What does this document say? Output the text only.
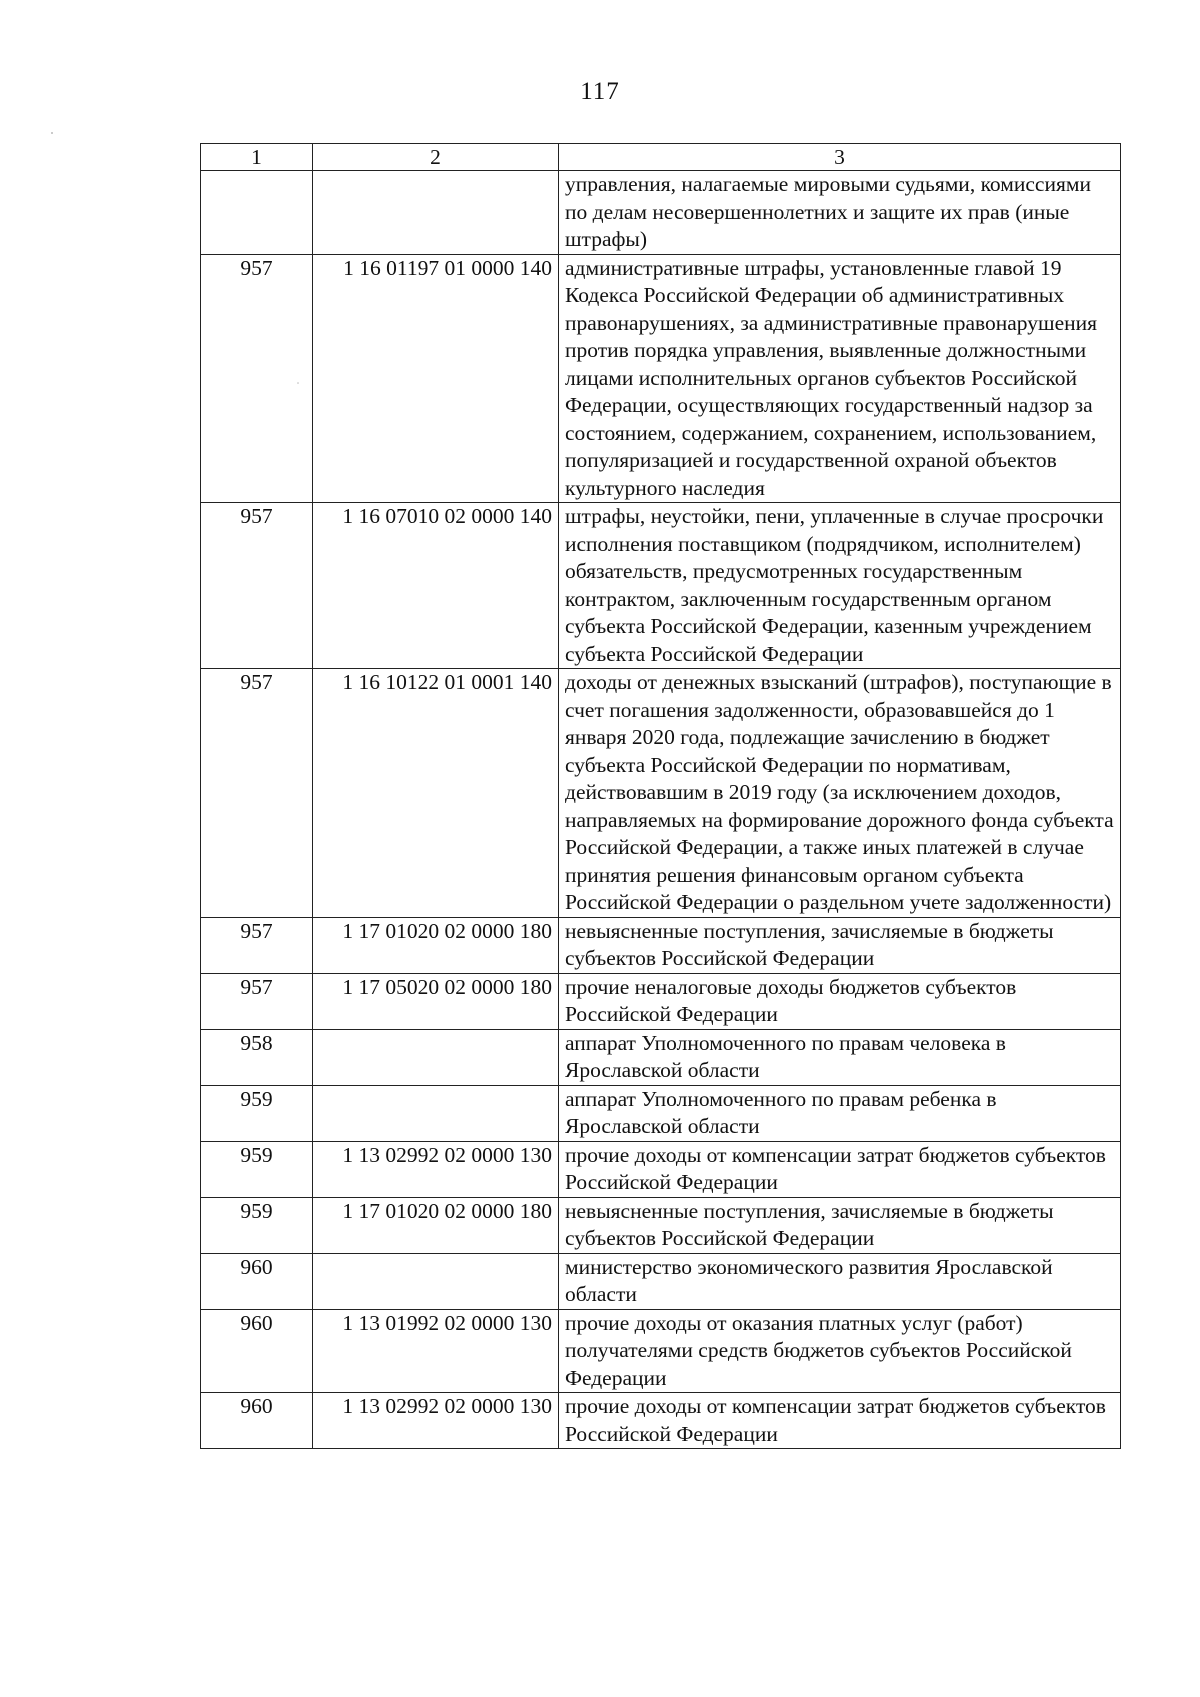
117
1	2	3
		управления, налагаемые мировыми судьями, комиссиями по делам несовершеннолетних и защите их прав (иные штрафы)
957	1 16 01197 01 0000 140	административные штрафы, установленные главой 19 Кодекса Российской Федерации об административных правонарушениях, за административные правонарушения против порядка управления, выявленные должностными лицами исполнительных органов субъектов Российской Федерации, осуществляющих государственный надзор за состоянием, содержанием, сохранением, использованием, популяризацией и государственной охраной объектов культурного наследия
957	1 16 07010 02 0000 140	штрафы, неустойки, пени, уплаченные в случае просрочки исполнения поставщиком (подрядчиком, исполнителем) обязательств, предусмотренных государственным контрактом, заключенным государственным органом субъекта Российской Федерации, казенным учреждением субъекта Российской Федерации
957	1 16 10122 01 0001 140	доходы от денежных взысканий (штрафов), поступающие в счет погашения задолженности, образовавшейся до 1 января 2020 года, подлежащие зачислению в бюджет субъекта Российской Федерации по нормативам, действовавшим в 2019 году (за исключением доходов, направляемых на формирование дорожного фонда субъекта Российской Федерации, а также иных платежей в случае принятия решения финансовым органом субъекта Российской Федерации о раздельном учете задолженности)
957	1 17 01020 02 0000 180	невыясненные поступления, зачисляемые в бюджеты субъектов Российской Федерации
957	1 17 05020 02 0000 180	прочие неналоговые доходы бюджетов субъектов Российской Федерации
958		аппарат Уполномоченного по правам человека в Ярославской области
959		аппарат Уполномоченного по правам ребенка в Ярославской области
959	1 13 02992 02 0000 130	прочие доходы от компенсации затрат бюджетов субъектов Российской Федерации
959	1 17 01020 02 0000 180	невыясненные поступления, зачисляемые в бюджеты субъектов Российской Федерации
960		министерство экономического развития Ярославской области
960	1 13 01992 02 0000 130	прочие доходы от оказания платных услуг (работ) получателями средств бюджетов субъектов Российской Федерации
960	1 13 02992 02 0000 130	прочие доходы от компенсации затрат бюджетов субъектов Российской Федерации
